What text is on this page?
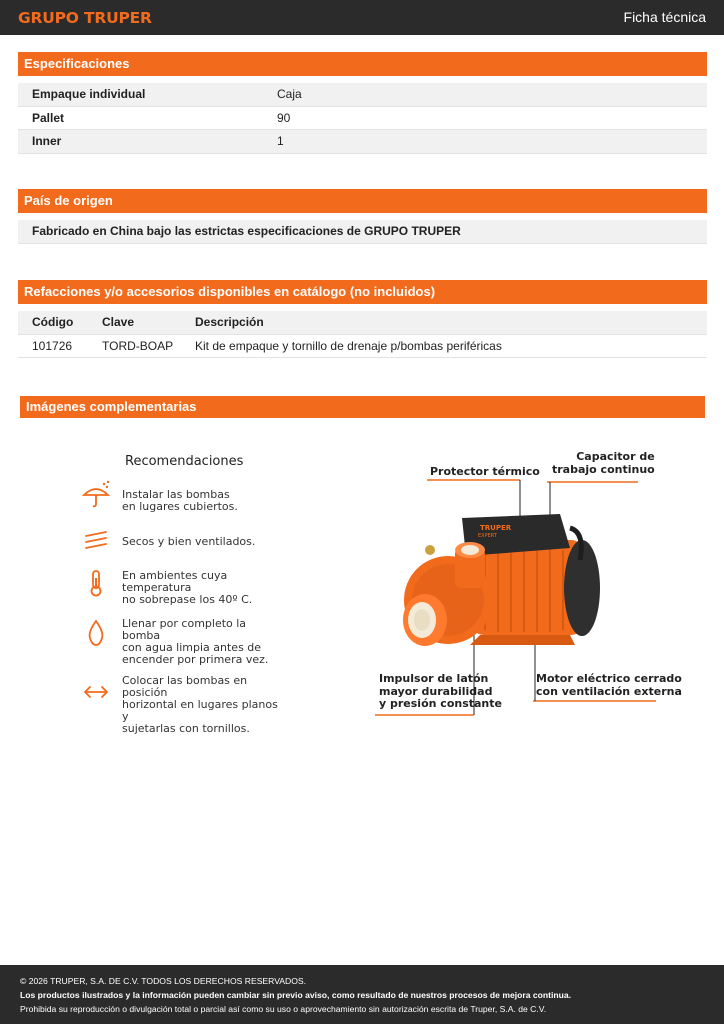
GRUPO TRUPER	Ficha técnica
Especificaciones
Empaque individual	Caja
Pallet	90
Inner	1
País de origen
Fabricado en China bajo las estrictas especificaciones de GRUPO TRUPER
Refacciones y/o accesorios disponibles en catálogo (no incluidos)
Código	Clave	Descripción
101726	TORD-BOAP	Kit de empaque y tornillo de drenaje p/bombas periféricas
Imágenes complementarias
Recomendaciones
Instalar las bombas
en lugares cubiertos.
Secos y bien ventilados.
En ambientes cuya temperatura
no sobrepase los 40º C.
Llenar por completo la bomba
con agua limpia antes de
encender por primera vez.
Colocar las bombas en posición
horizontal en lugares planos y
sujetarlas con tornillos.
TRUPER
EXPERT
Protector térmico
Capacitor de
trabajo continuo
Impulsor de latón
mayor durabilidad
y presión constante
Motor eléctrico cerrado
con ventilación externa
© 2026 TRUPER, S.A. DE C.V. TODOS LOS DERECHOS RESERVADOS.
Los productos ilustrados y la información pueden cambiar sin previo aviso, como resultado de nuestros procesos de mejora continua.
Prohibida su reproducción o divulgación total o parcial así como su uso o aprovechamiento sin autorización escrita de Truper, S.A. de C.V.
